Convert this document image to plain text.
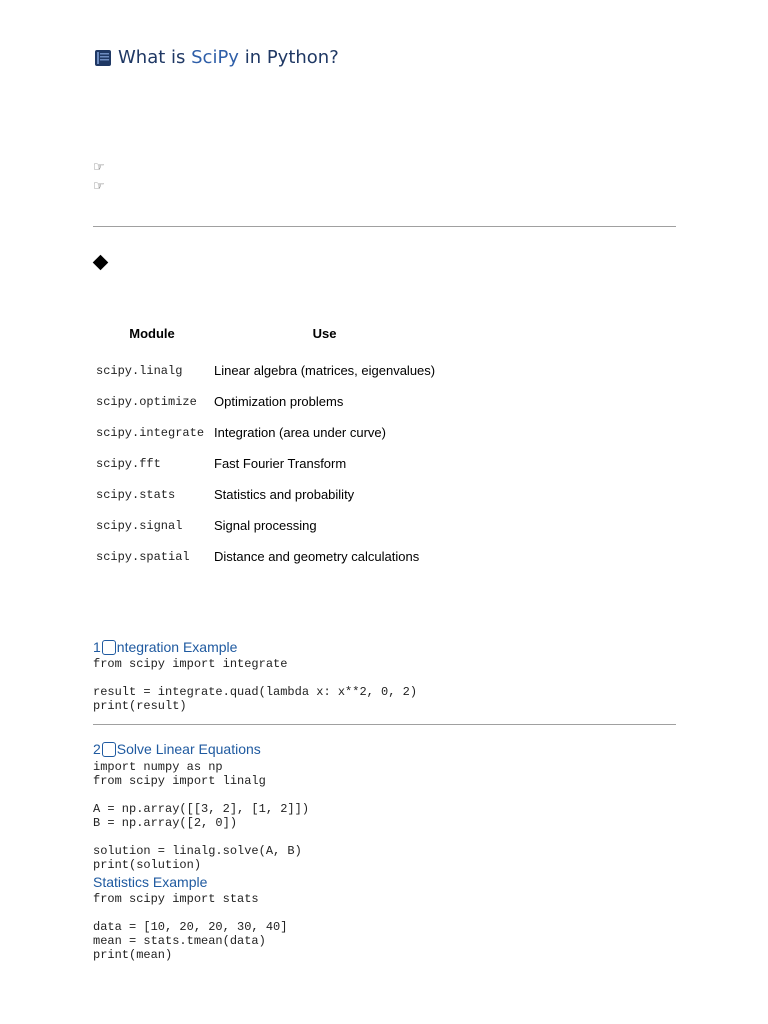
What is SciPy in Python?
☞
☞
Module	Use
scipy.linalg	Linear algebra (matrices, eigenvalues)
scipy.optimize	Optimization problems
scipy.integrate	Integration (area under curve)
scipy.fft	Fast Fourier Transform
scipy.stats	Statistics and probability
scipy.signal	Signal processing
scipy.spatial	Distance and geometry calculations
1 ntegration Example
from scipy import integrate

result = integrate.quad(lambda x: x**2, 0, 2)
print(result)
2 Solve Linear Equations
import numpy as np
from scipy import linalg

A = np.array([[3, 2], [1, 2]])
B = np.array([2, 0])

solution = linalg.solve(A, B)
print(solution)
Statistics Example
from scipy import stats

data = [10, 20, 20, 30, 40]
mean = stats.tmean(data)
print(mean)
